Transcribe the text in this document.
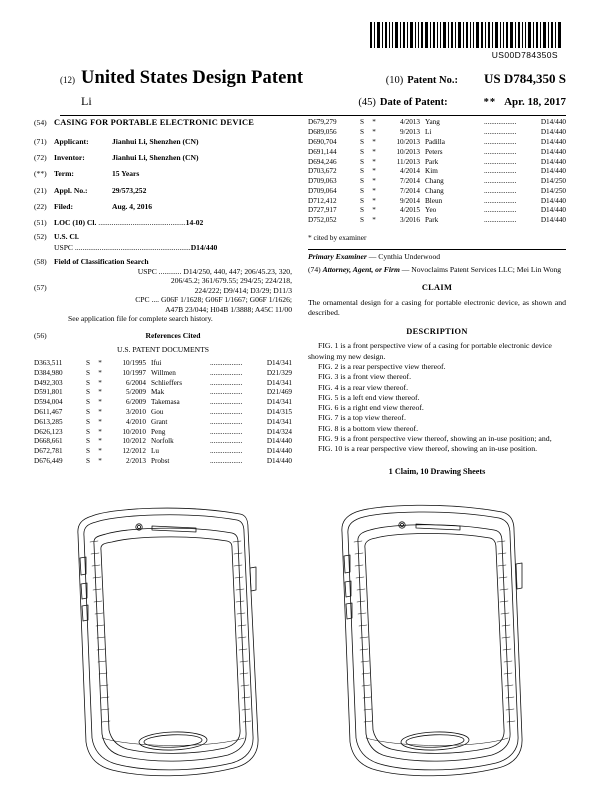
US00D784350S
(12) United States Design Patent	(10) Patent No.: US D784,350 S
Li	(45) Date of Patent:	** Apr. 18, 2017
(54) CASING FOR PORTABLE ELECTRONIC DEVICE
(71) Applicant:	Jianhui Li, Shenzhen (CN)
(72) Inventor:	Jianhui Li, Shenzhen (CN)
(**) Term:	15 Years
(21) Appl. No.:	29/573,252
(22) Filed:	Aug. 4, 2016
(51) LOC (10) Cl. ..............................................14-02
(52) U.S. Cl.
USPC .............................................................D14/440
(58) Field of Classification Search
USPC ............ D14/250, 440, 447; 206/45.23, 320,
206/45.2; 361/679.55; 294/25; 224/218,
224/222; D9/414; D3/29; D11/3
CPC .... G06F 1/1628; G06F 1/1667; G06F 1/1626;
A47B 23/044; H04B 1/3888; A45C 11/00
See application file for complete search history.
(56)	References Cited
U.S. PATENT DOCUMENTS
D363,511	S	*	10/1995	Ifui	..................	D14/341
D384,980	S	*	10/1997	Willmen	..................	D21/329
D492,303	S	*	6/2004	Schlieffers	..................	D14/341
D591,801	S	*	5/2009	Mak	..................	D21/469
D594,004	S	*	6/2009	Takemasa	..................	D14/341
D611,467	S	*	3/2010	Gou	..................	D14/315
D613,285	S	*	4/2010	Grant	..................	D14/341
D626,123	S	*	10/2010	Peng	..................	D14/324
D668,661	S	*	10/2012	Norfolk	..................	D14/440
D672,781	S	*	12/2012	Lu	..................	D14/440
D676,449	S	*	2/2013	Probst	..................	D14/440
D679,279	S	*	4/2013	Yang	..................	D14/440
D689,056	S	*	9/2013	Li	..................	D14/440
D690,704	S	*	10/2013	Padilla	..................	D14/440
D691,144	S	*	10/2013	Peters	..................	D14/440
D694,246	S	*	11/2013	Park	..................	D14/440
D703,672	S	*	4/2014	Kim	..................	D14/440
D709,063	S	*	7/2014	Chang	..................	D14/250
D709,064	S	*	7/2014	Chang	..................	D14/250
D712,412	S	*	9/2014	Bleun	..................	D14/440
D727,917	S	*	4/2015	Yeo	..................	D14/440
D752,052	S	*	3/2016	Park	..................	D14/440
* cited by examiner
Primary Examiner — Cynthia Underwood
(74) Attorney, Agent, or Firm — Novoclaims Patent Services LLC; Mei Lin Wong
(57)	CLAIM
The ornamental design for a casing for portable electronic device, as shown and described.
DESCRIPTION
FIG. 1 is a front perspective view of a casing for portable electronic device showing my new design.
FIG. 2 is a rear perspective view thereof.
FIG. 3 is a front view thereof.
FIG. 4 is a rear view thereof.
FIG. 5 is a left end view thereof.
FIG. 6 is a right end view thereof.
FIG. 7 is a top view thereof.
FIG. 8 is a bottom view thereof.
FIG. 9 is a front perspective view thereof, showing an in-use position; and,
FIG. 10 is a rear perspective view thereof, showing an in-use position.
1 Claim, 10 Drawing Sheets
